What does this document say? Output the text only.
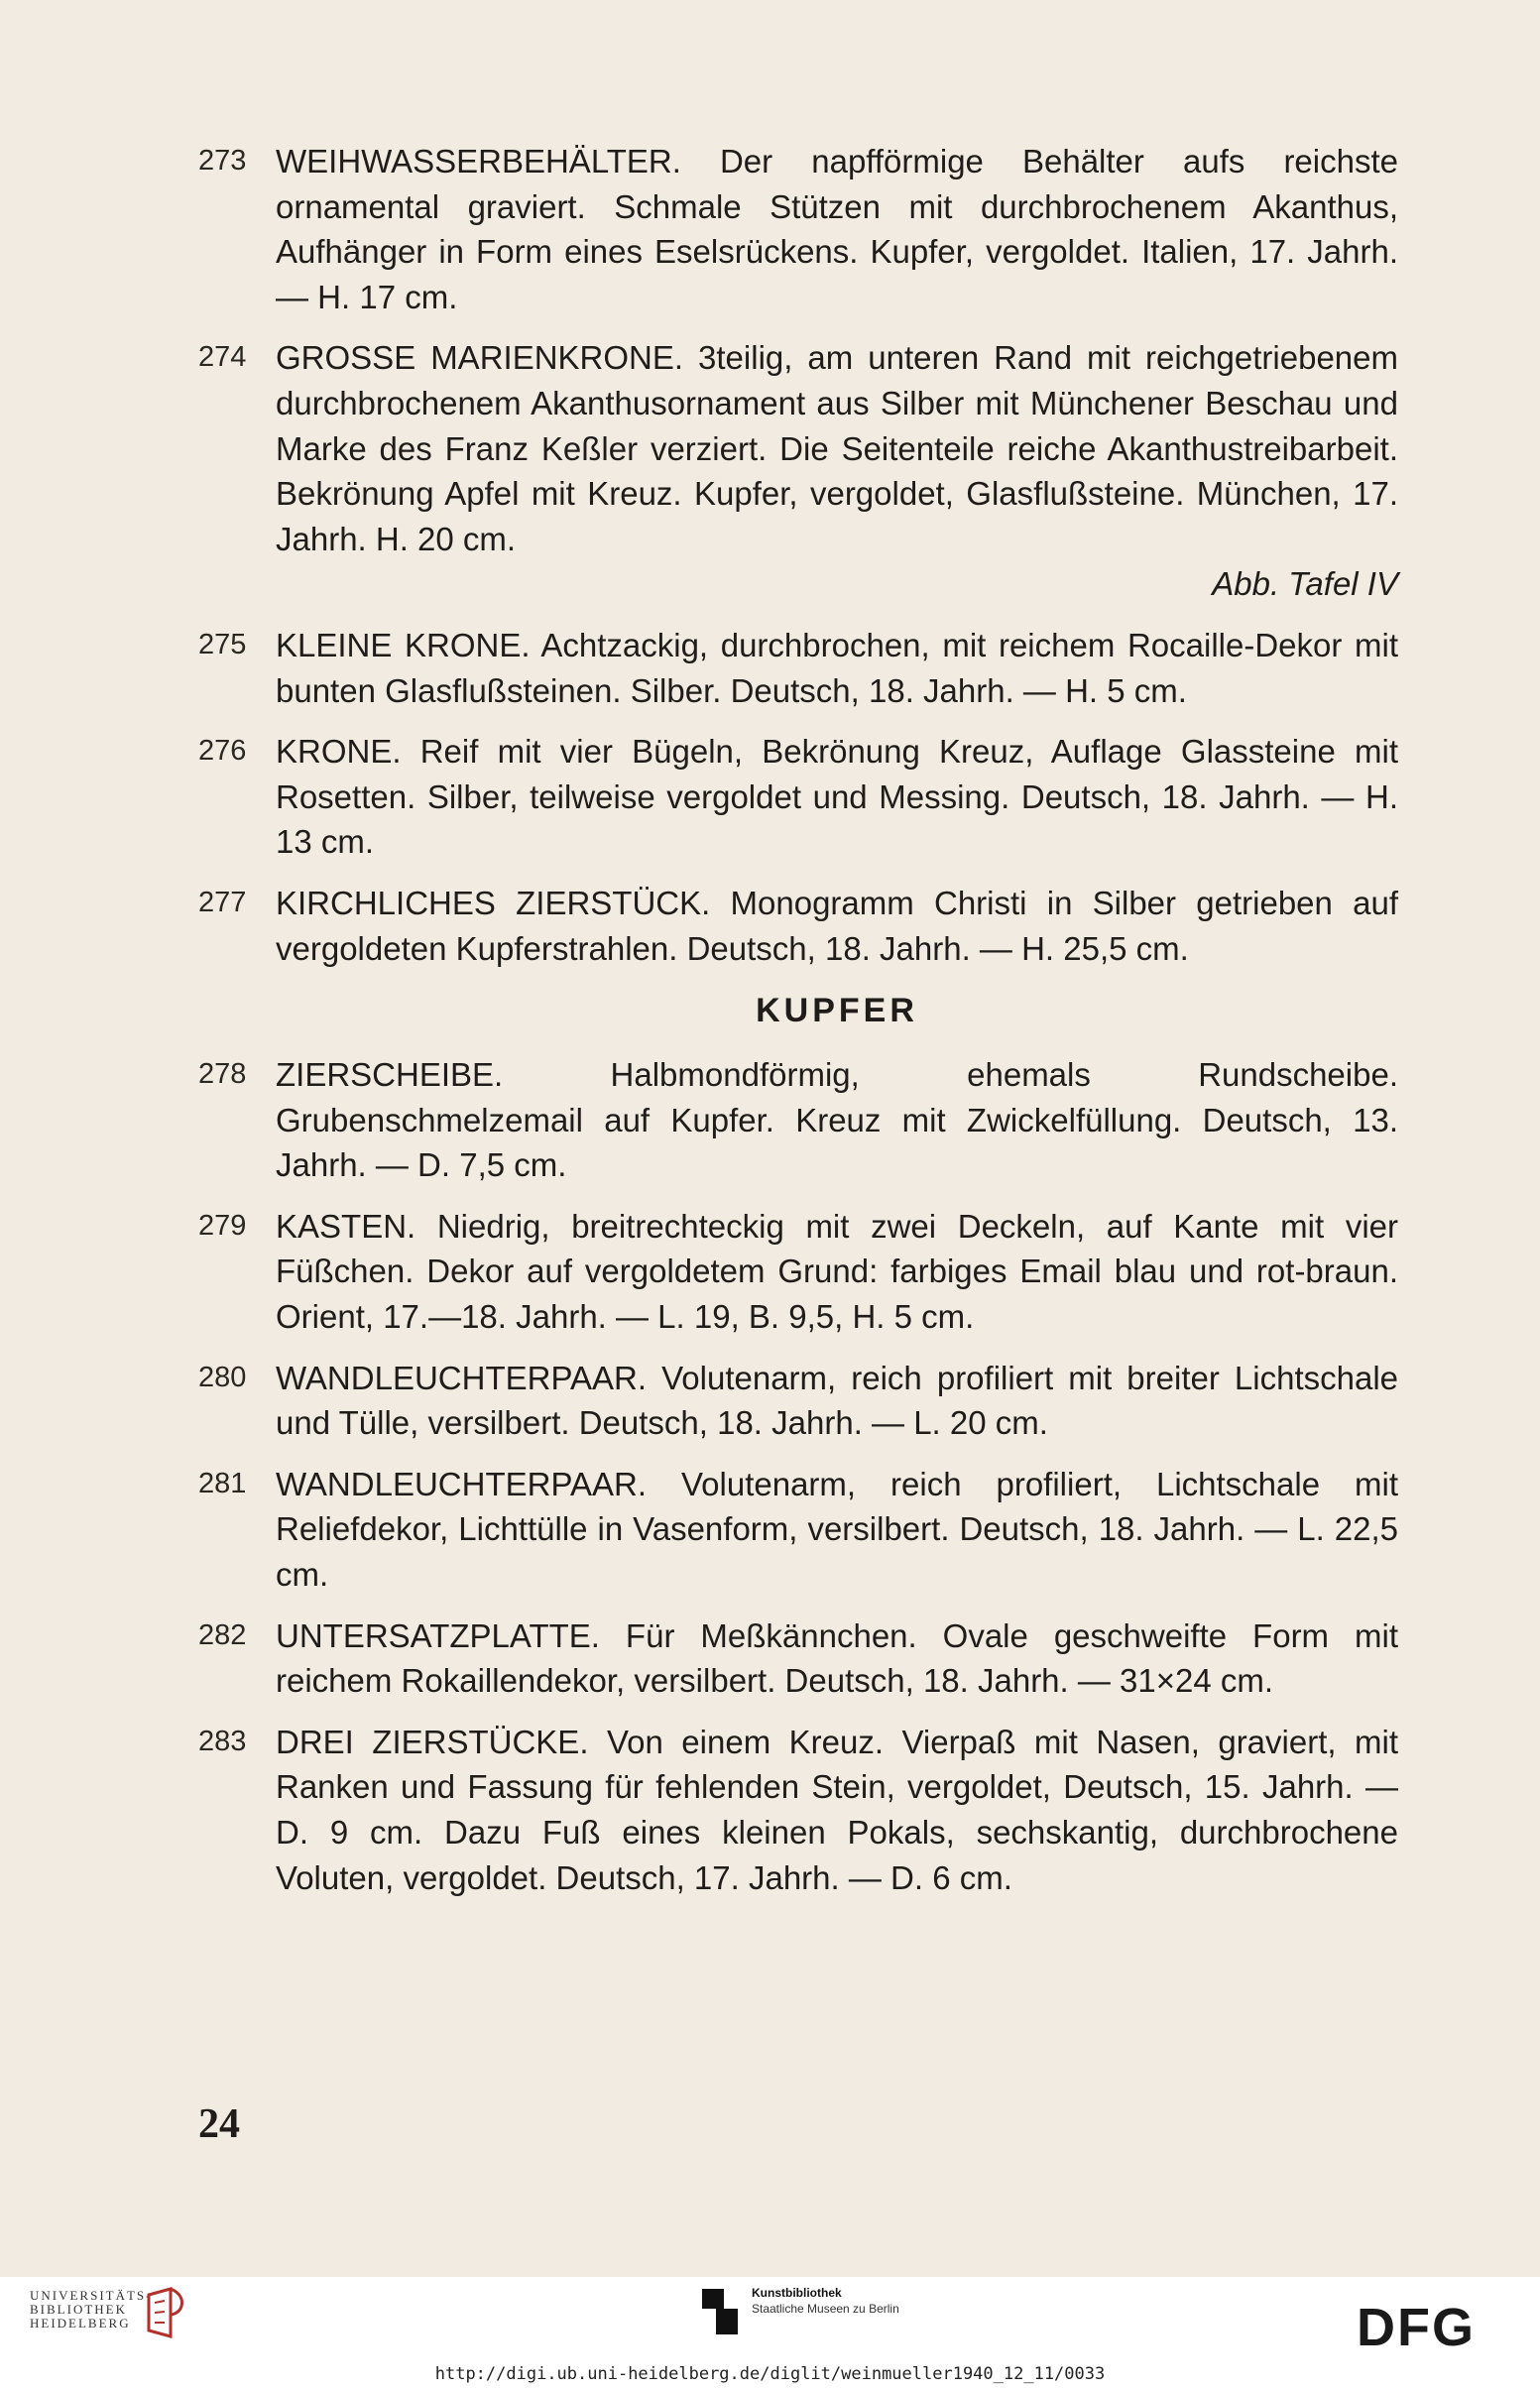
273 WEIHWASSERBEHÄLTER. Der napfförmige Behälter aufs reichste ornamental graviert. Schmale Stützen mit durchbrochenem Akanthus, Aufhänger in Form eines Eselsrückens. Kupfer, vergoldet. Italien, 17. Jahrh. — H. 17 cm.
274 GROSSE MARIENKRONE. 3teilig, am unteren Rand mit reichgetriebenem durchbrochenem Akanthusornament aus Silber mit Münchener Beschau und Marke des Franz Keßler verziert. Die Seitenteile reiche Akanthustreibarbeit. Bekrönung Apfel mit Kreuz. Kupfer, vergoldet, Glasflußsteine. München, 17. Jahrh. H. 20 cm.
Abb. Tafel IV
275 KLEINE KRONE. Achtzackig, durchbrochen, mit reichem Rocaille-Dekor mit bunten Glasflußsteinen. Silber. Deutsch, 18. Jahrh. — H. 5 cm.
276 KRONE. Reif mit vier Bügeln, Bekrönung Kreuz, Auflage Glassteine mit Rosetten. Silber, teilweise vergoldet und Messing. Deutsch, 18. Jahrh. — H. 13 cm.
277 KIRCHLICHES ZIERSTÜCK. Monogramm Christi in Silber getrieben auf vergoldeten Kupferstrahlen. Deutsch, 18. Jahrh. — H. 25,5 cm.
KUPFER
278 ZIERSCHEIBE. Halbmondförmig, ehemals Rundscheibe. Grubenschmelzemail auf Kupfer. Kreuz mit Zwickelfüllung. Deutsch, 13. Jahrh. — D. 7,5 cm.
279 KASTEN. Niedrig, breitrechteckig mit zwei Deckeln, auf Kante mit vier Füßchen. Dekor auf vergoldetem Grund: farbiges Email blau und rot-braun. Orient, 17.—18. Jahrh. — L. 19, B. 9,5, H. 5 cm.
280 WANDLEUCHTERPAAR. Volutenarm, reich profiliert mit breiter Lichtschale und Tülle, versilbert. Deutsch, 18. Jahrh. — L. 20 cm.
281 WANDLEUCHTERPAAR. Volutenarm, reich profiliert, Lichtschale mit Reliefdekor, Lichttülle in Vasenform, versilbert. Deutsch, 18. Jahrh. — L. 22,5 cm.
282 UNTERSATZPLATTE. Für Meßkännchen. Ovale geschweifte Form mit reichem Rokaillendekor, versilbert. Deutsch, 18. Jahrh. — 31×24 cm.
283 DREI ZIERSTÜCKE. Von einem Kreuz. Vierpaß mit Nasen, graviert, mit Ranken und Fassung für fehlenden Stein, vergoldet, Deutsch, 15. Jahrh. — D. 9 cm. Dazu Fuß eines kleinen Pokals, sechskantig, durchbrochene Voluten, vergoldet. Deutsch, 17. Jahrh. — D. 6 cm.
24
UNIVERSITÄTS-
BIBLIOTHEK
HEIDELBERG
Kunstbibliothek
Staatliche Museen zu Berlin	DFG
http://digi.ub.uni-heidelberg.de/diglit/weinmueller1940_12_11/0033
